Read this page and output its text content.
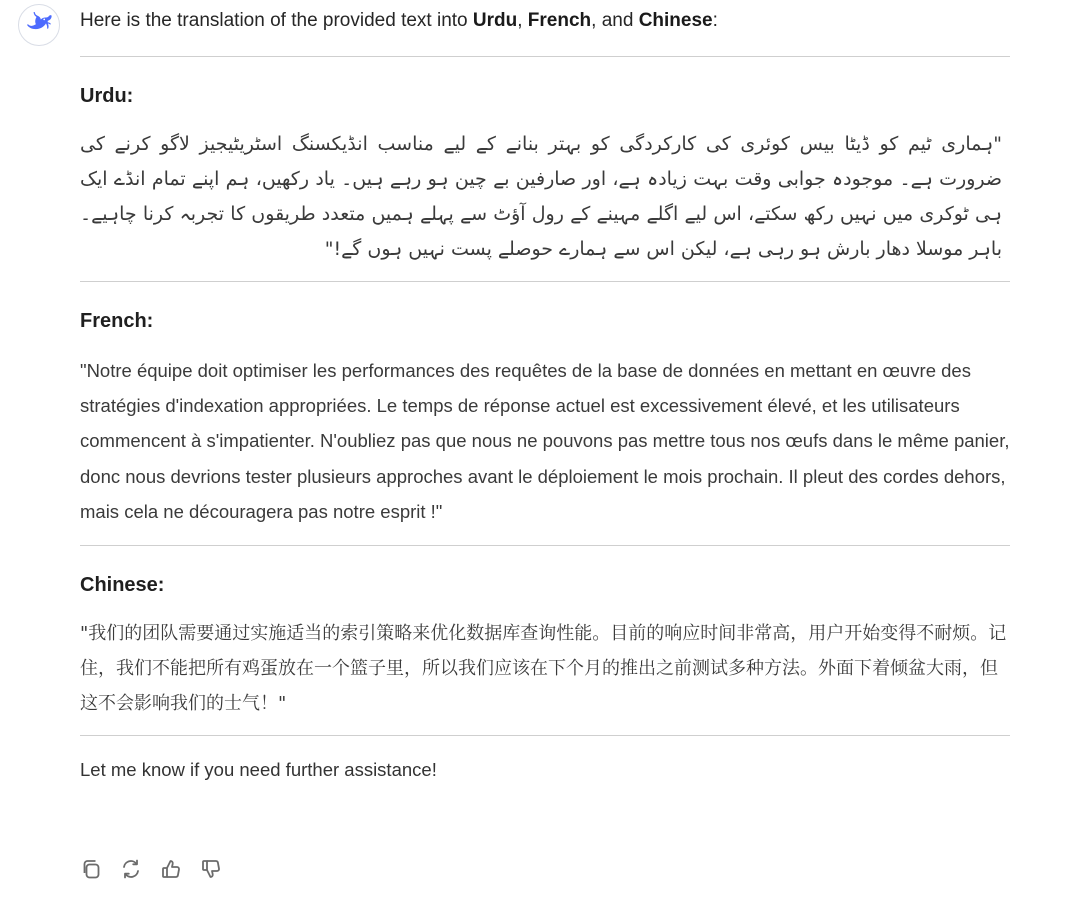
Here is the translation of the provided text into Urdu, French, and Chinese:

Urdu:

"ہماری ٹیم کو ڈیٹا بیس کوئری کی کارکردگی کو بہتر بنانے کے لیے مناسب انڈیکسنگ اسٹریٹیجیز لاگو کرنے کی ضرورت ہے۔ موجودہ جوابی وقت بہت زیادہ ہے، اور صارفین بے چین ہو رہے ہیں۔ یاد رکھیں، ہم اپنے تمام انڈے ایک ہی ٹوکری میں نہیں رکھ سکتے، اس لیے اگلے مہینے کے رول آؤٹ سے پہلے ہمیں متعدد طریقوں کا تجربہ کرنا چاہیے۔ باہر موسلا دھار بارش ہو رہی ہے، لیکن اس سے ہمارے حوصلے پست نہیں ہوں گے!"

French:

"Notre équipe doit optimiser les performances des requêtes de la base de données en mettant en œuvre des stratégies d'indexation appropriées. Le temps de réponse actuel est excessivement élevé, et les utilisateurs commencent à s'impatienter. N'oubliez pas que nous ne pouvons pas mettre tous nos œufs dans le même panier, donc nous devrions tester plusieurs approches avant le déploiement le mois prochain. Il pleut des cordes dehors, mais cela ne découragera pas notre esprit !"

Chinese:

"我们的团队需要通过实施适当的索引策略来优化数据库查询性能。目前的响应时间非常高，用户开始变得不耐烦。记住，我们不能把所有鸡蛋放在一个篮子里，所以我们应该在下个月的推出之前测试多种方法。外面下着倾盆大雨，但这不会影响我们的士气！"

Let me know if you need further assistance!
